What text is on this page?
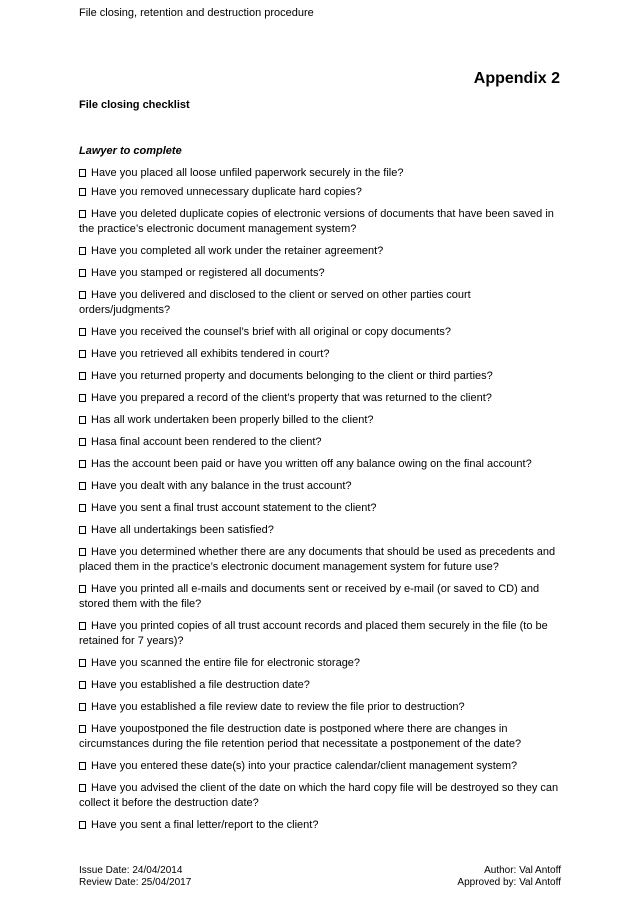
File closing, retention and destruction procedure
Appendix 2
File closing checklist
Lawyer to complete
Have you placed all loose unfiled paperwork securely in the file?
Have you removed unnecessary duplicate hard copies?
Have you deleted duplicate copies of electronic versions of documents that have been saved in the practice’s electronic document management system?
Have you completed all work under the retainer agreement?
Have you stamped or registered all documents?
Have you delivered and disclosed to the client or served on other parties court orders/judgments?
Have you received the counsel’s brief with all original or copy documents?
Have you retrieved all exhibits tendered in court?
Have you returned property and documents belonging to the client or third parties?
Have you prepared a record of the client’s property that was returned to the client?
Has all work undertaken been properly billed to the client?
Hasa final account been rendered to the client?
Has the account been paid or have you written off any balance owing on the final account?
Have you dealt with any balance in the trust account?
Have you sent a final trust account statement to the client?
Have all undertakings been satisfied?
Have you determined whether there are any documents that should be used as precedents and placed them in the practice’s electronic document management system for future use?
Have you printed all e-mails and documents sent or received by e-mail (or saved to CD) and stored them with the file?
Have you printed copies of all trust account records and placed them securely in the file (to be retained for 7 years)?
Have you scanned the entire file for electronic storage?
Have you established a file destruction date?
Have you established a file review date to review the file prior to destruction?
Have youpostponed the file destruction date is postponed where there are changes in circumstances during the file retention period that necessitate a postponement of the date?
Have you entered these date(s) into your practice calendar/client management system?
Have you advised the client of the date on which the hard copy file will be destroyed so they can collect it before the destruction date?
Have you sent a final letter/report to the client?
Issue Date: 24/04/2014
Review Date: 25/04/2017
Author: Val Antoff
Approved by: Val Antoff
